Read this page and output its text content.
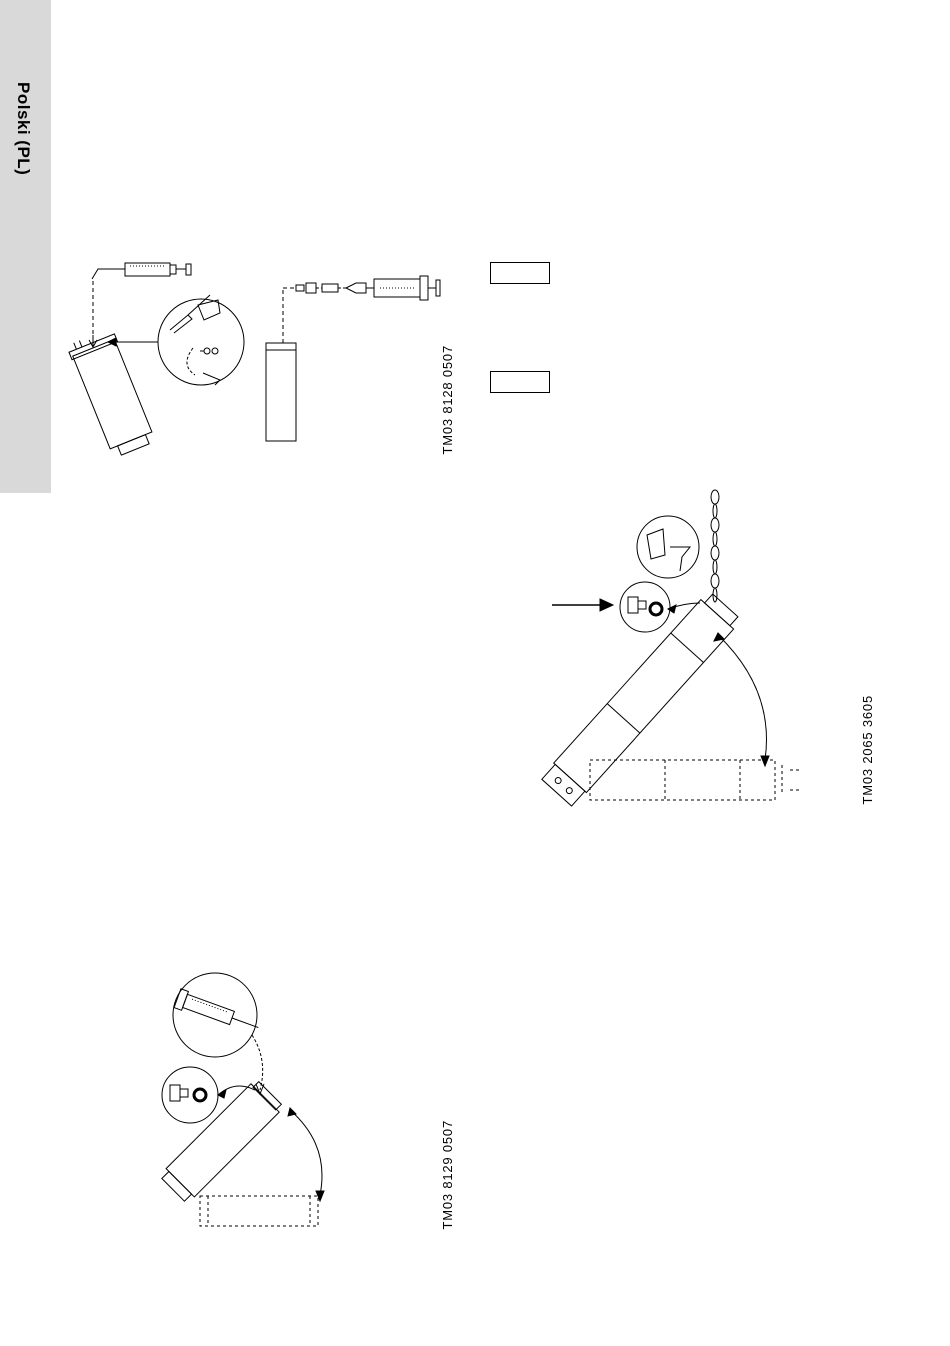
Polski (PL)
TM03 8128 0507
TM03 2065 3605
TM03 8129 0507
